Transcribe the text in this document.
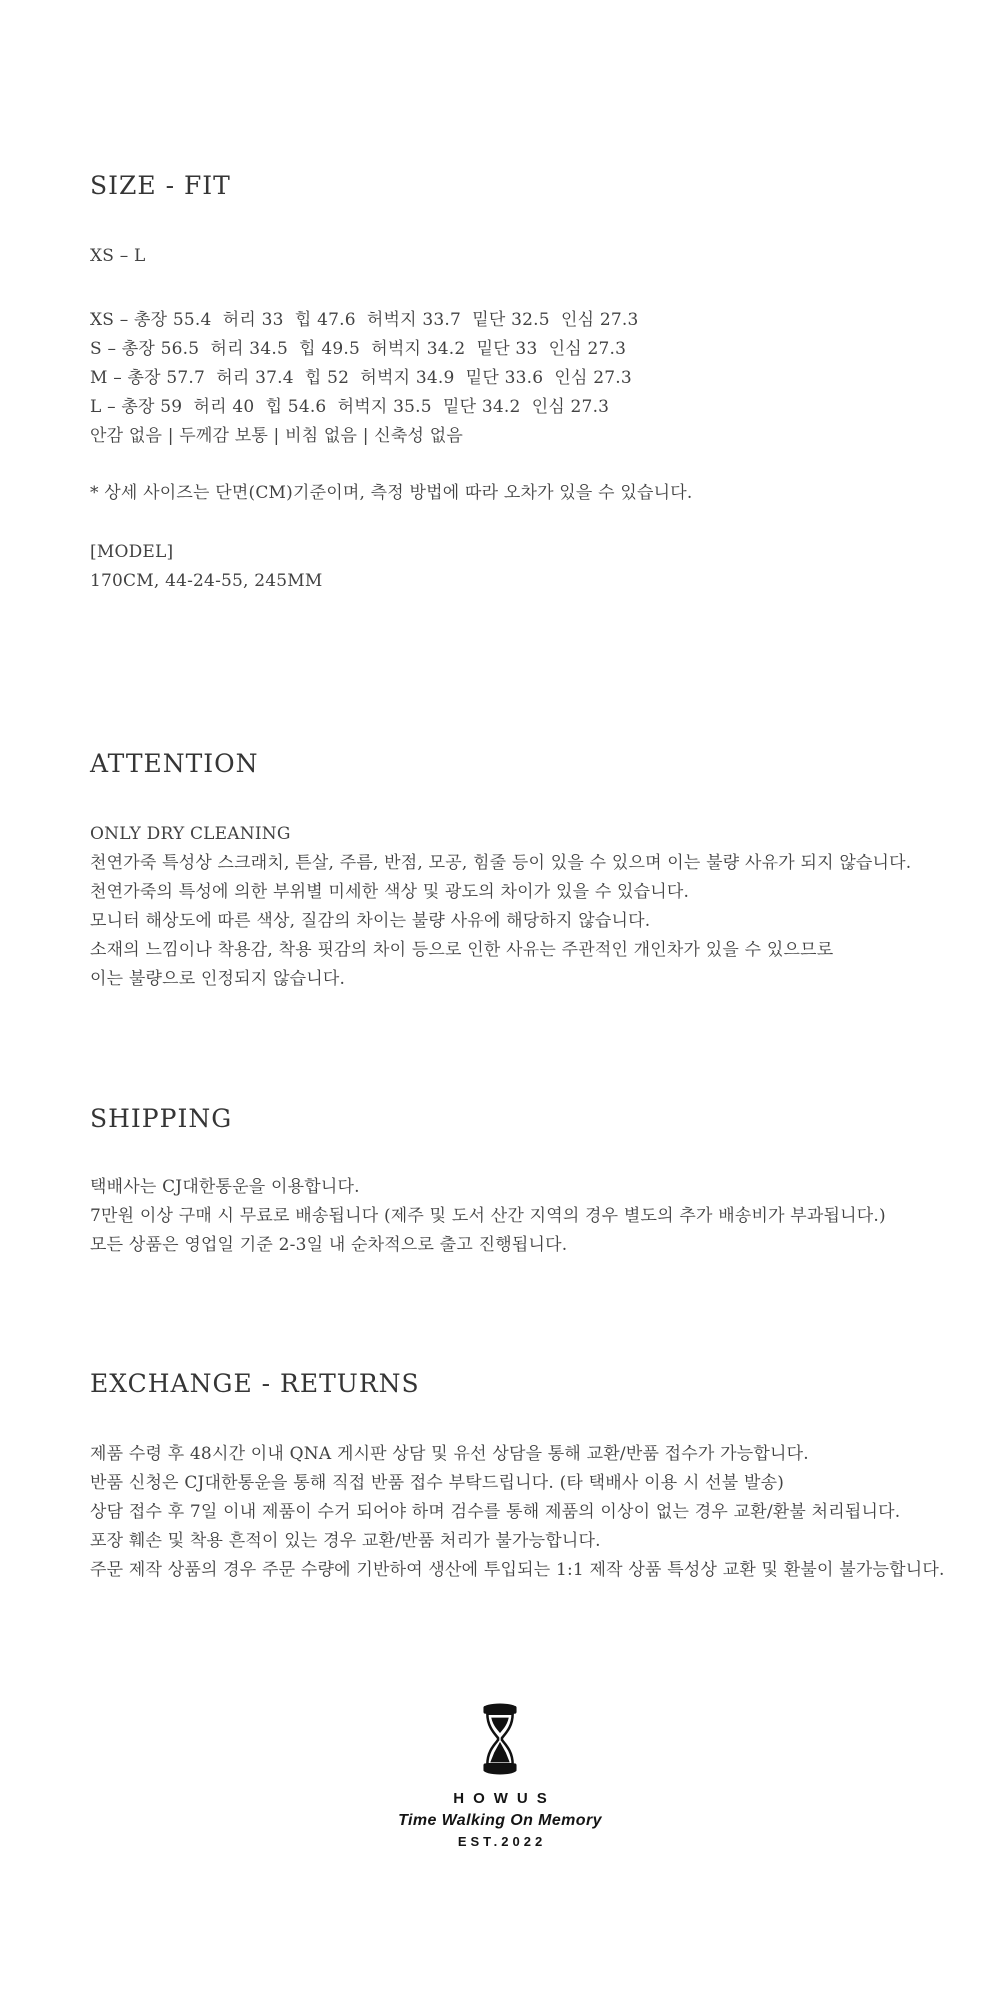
SIZE - FIT

XS – L

XS – 총장 55.4  허리 33  힙 47.6  허벅지 33.7  밑단 32.5  인심 27.3

S – 총장 56.5  허리 34.5  힙 49.5  허벅지 34.2  밑단 33  인심 27.3

M – 총장 57.7  허리 37.4  힙 52  허벅지 34.9  밑단 33.6  인심 27.3

L – 총장 59  허리 40  힙 54.6  허벅지 35.5  밑단 34.2  인심 27.3

안감 없음 | 두께감 보통 | 비침 없음 | 신축성 없음

* 상세 사이즈는 단면(CM)기준이며, 측정 방법에 따라 오차가 있을 수 있습니다.

[MODEL]

170CM, 44-24-55, 245MM

ATTENTION

ONLY DRY CLEANING

천연가죽 특성상 스크래치, 튼살, 주름, 반점, 모공, 힘줄 등이 있을 수 있으며 이는 불량 사유가 되지 않습니다.

천연가죽의 특성에 의한 부위별 미세한 색상 및 광도의 차이가 있을 수 있습니다.

모니터 해상도에 따른 색상, 질감의 차이는 불량 사유에 해당하지 않습니다.

소재의 느낌이나 착용감, 착용 핏감의 차이 등으로 인한 사유는 주관적인 개인차가 있을 수 있으므로

이는 불량으로 인정되지 않습니다.

SHIPPING

택배사는 CJ대한통운을 이용합니다.

7만원 이상 구매 시 무료로 배송됩니다 (제주 및 도서 산간 지역의 경우 별도의 추가 배송비가 부과됩니다.)

모든 상품은 영업일 기준 2-3일 내 순차적으로 출고 진행됩니다.

EXCHANGE - RETURNS

제품 수령 후 48시간 이내 QNA 게시판 상담 및 유선 상담을 통해 교환/반품 접수가 가능합니다.

반품 신청은 CJ대한통운을 통해 직접 반품 접수 부탁드립니다. (타 택배사 이용 시 선불 발송)

상담 접수 후 7일 이내 제품이 수거 되어야 하며 검수를 통해 제품의 이상이 없는 경우 교환/환불 처리됩니다.

포장 훼손 및 착용 흔적이 있는 경우 교환/반품 처리가 불가능합니다.

주문 제작 상품의 경우 주문 수량에 기반하여 생산에 투입되는 1:1 제작 상품 특성상 교환 및 환불이 불가능합니다.

HOWUS
Time Walking On Memory
EST.2022
